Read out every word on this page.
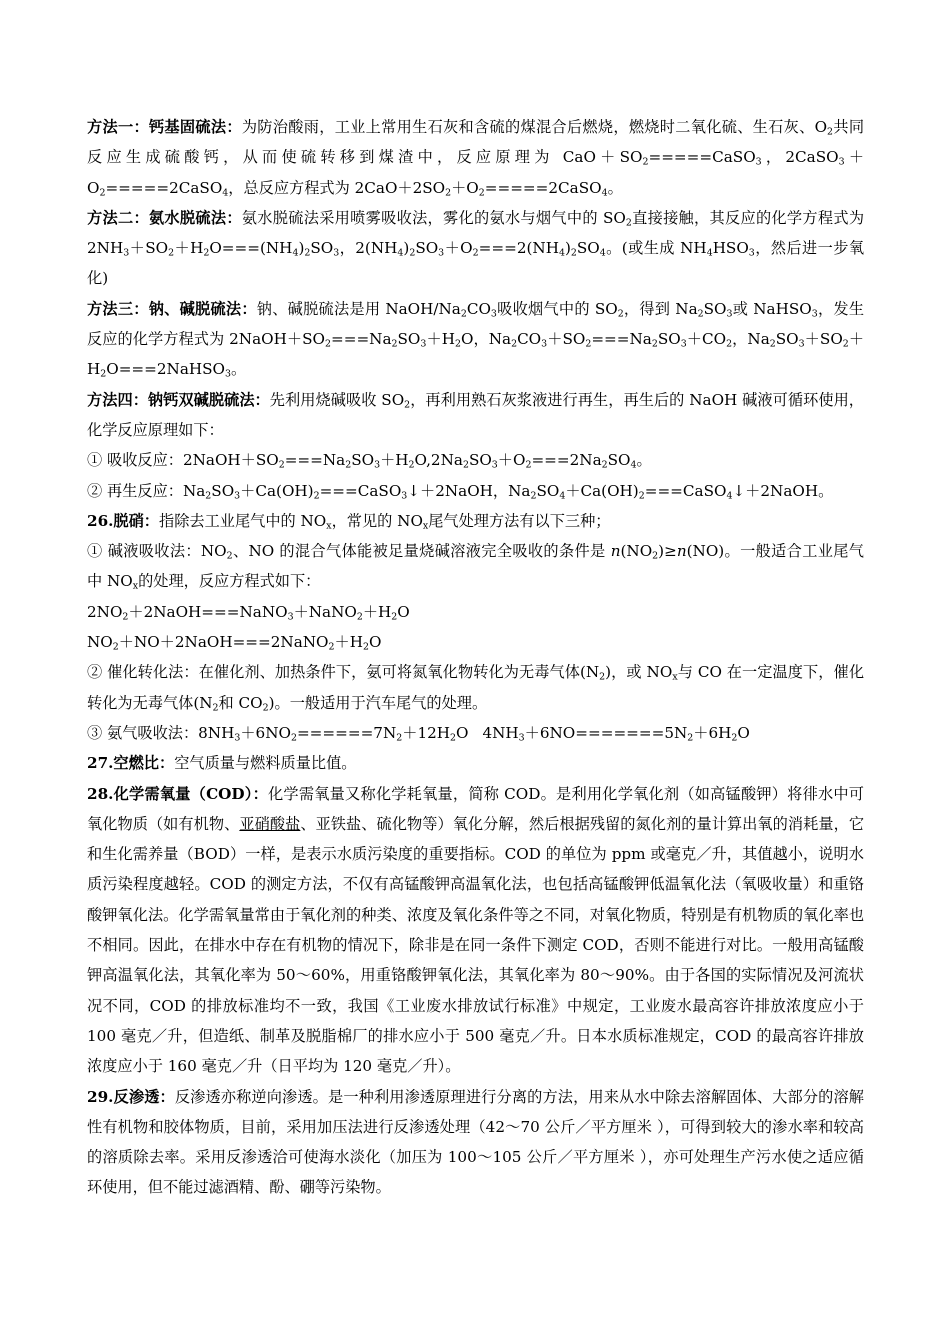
方法一：钙基固硫法：为防治酸雨，工业上常用生石灰和含硫的煤混合后燃烧，燃烧时二氧化硫、生石灰、$O_2$共同反应生成硫酸钙，从而使硫转移到煤渣中，反应原理为 $CaO+SO_2=====CaSO_3$，$2CaSO_3+O_2=====2CaSO_4$，总反应方程式为 $2CaO+2SO_2+O_2=====2CaSO_4$。

方法二：氨水脱硫法：氨水脱硫法采用喷雾吸收法，雾化的氨水与烟气中的 $SO_2$直接接触，其反应的化学方程式为 $2NH_3+SO_2+H_2O===(NH_4)_2SO_3$，$2(NH_4)_2SO_3+O_2===2(NH_4)_2SO_4$。(或生成 $NH_4HSO_3$，然后进一步氧化)

方法三：钠、碱脱硫法：钠、碱脱硫法是用 NaOH/$Na_2CO_3$吸收烟气中的 $SO_2$，得到 $Na_2SO_3$或 NaHSO$_3$，发生反应的化学方程式为 $2NaOH+SO_2===Na_2SO_3+H_2O$，$Na_2CO_3+SO_2===Na_2SO_3+CO_2$，$Na_2SO_3+SO_2+H_2O===2NaHSO_3$。

方法四：钠钙双碱脱硫法：先利用烧碱吸收 $SO_2$，再利用熟石灰浆液进行再生，再生后的 NaOH 碱液可循环使用，化学反应原理如下：

① 吸收反应：$2NaOH+SO_2===Na_2SO_3+H_2O,2Na_2SO_3+O_2===2Na_2SO_4$。

② 再生反应：$Na_2SO_3+Ca(OH)_2===CaSO_3↓+2NaOH$，$Na_2SO_4+Ca(OH)_2===CaSO_4↓+2NaOH$。

26.脱硝：指除去工业尾气中的 $NO_x$，常见的 $NO_x$尾气处理方法有以下三种；

① 碱液吸收法：$NO_2$、NO 的混合气体能被足量烧碱溶液完全吸收的条件是 $n(NO_2)\ge n(NO)$。一般适合工业尾气中 $NO_x$的处理，反应方程式如下：

$2NO_2+2NaOH===NaNO_3+NaNO_2+H_2O$

$NO_2+NO+2NaOH===2NaNO_2+H_2O$

② 催化转化法：在催化剂、加热条件下，氨可将氮氧化物转化为无毒气体$(N_2)$，或 $NO_x$与 CO 在一定温度下，催化转化为无毒气体($N_2$和 $CO_2$)。一般适用于汽车尾气的处理。

③ 氨气吸收法：$8NH_3+6NO_2======7N_2+12H_2O$ $4NH_3+6NO=======5N_2+6H_2O$

27.空燃比：空气质量与燃料质量比值。

28.化学需氧量（COD）：化学需氧量又称化学耗氧量，简称 COD。是利用化学氧化剂（如高锰酸钾）将徘水中可氧化物质（如有机物、亚硝酸盐、亚铁盐、硫化物等）氧化分解，然后根据残留的氮化剂的量计算出氧的消耗量，它和生化需养量（BOD）一样，是表示水质污染度的重要指标。COD 的单位为 ppm 或毫克／升，其值越小，说明水质污染程度越轻。COD 的测定方法，不仅有高锰酸钾高温氧化法，也包括高锰酸钾低温氧化法（氧吸收量）和重铬酸钾氧化法。化学需氧量常由于氧化剂的种类、浓度及氧化条件等之不同，对氧化物质，特别是有机物质的氧化率也不相同。因此，在排水中存在有机物的情况下，除非是在同一条件下测定 COD，否则不能进行对比。一般用高锰酸钾高温氧化法，其氧化率为 50～60%，用重铬酸钾氧化法，其氧化率为 80～90%。由于各国的实际情况及河流状况不同，COD 的排放标准均不一致，我国《工业废水排放试行标准》中规定，工业废水最高容许排放浓度应小于 100 毫克／升，但造纸、制革及脱脂棉厂的排水应小于 500 毫克／升。日本水质标准规定，COD 的最高容许排放浓度应小于 160 毫克／升（日平均为 120 毫克／升）。

29.反渗透：反渗透亦称逆向渗透。是一种利用渗透原理进行分离的方法，用来从水中除去溶解固体、大部分的溶解性有机物和胶体物质，目前，采用加压法进行反渗透处理（42～70 公斤／平方厘米 ），可得到较大的渗水率和较高的溶质除去率。采用反渗透洽可使海水淡化（加压为 100～105 公斤／平方厘米 ），亦可处理生产污水使之适应循环使用，但不能过滤酒精、酚、硼等污染物。
